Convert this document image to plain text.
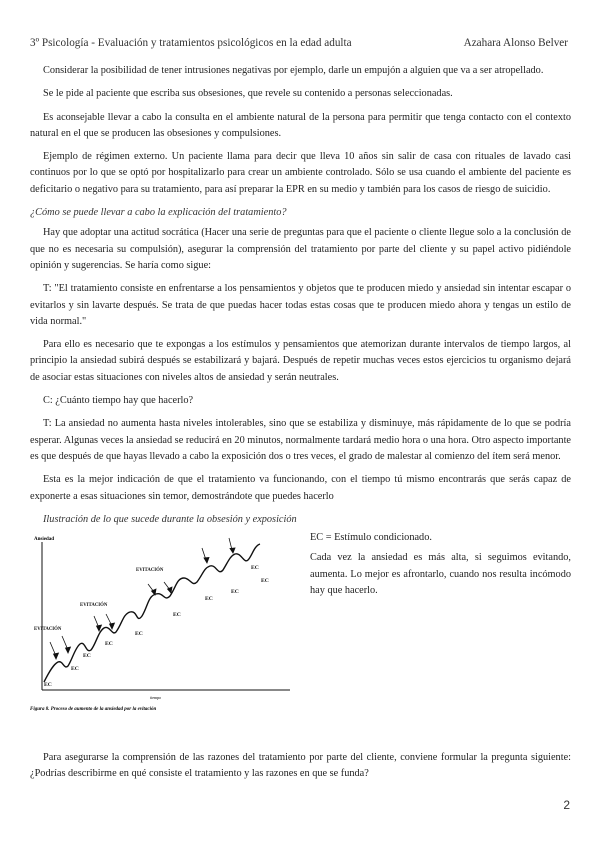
3º Psicología - Evaluación y tratamientos psicológicos en la edad adulta	Azahara Alonso Belver

Considerar la posibilidad de tener intrusiones negativas por ejemplo, darle un empujón a alguien que va a ser atropellado.

Se le pide al paciente que escriba sus obsesiones, que revele su contenido a personas seleccionadas.

Es aconsejable llevar a cabo la consulta en el ambiente natural de la persona para permitir que tenga contacto con el contexto natural en el que se producen las obsesiones y compulsiones.

Ejemplo de régimen externo. Un paciente llama para decir que lleva 10 años sin salir de casa con rituales de lavado casi continuos por lo que se optó por hospitalizarlo para crear un ambiente controlado. Sólo se usa cuando el ambiente del paciente es deficitario o negativo para su tratamiento, para así preparar la EPR en su medio y también para los casos de riesgo de suicidio.

¿Cómo se puede llevar a cabo la explicación del tratamiento?

Hay que adoptar una actitud socrática (Hacer una serie de preguntas para que el paciente o cliente llegue solo a la conclusión de que no es necesaria su compulsión), asegurar la comprensión del tratamiento por parte del cliente y su papel activo pidiéndole opinión y sugerencias. Se haría como sigue:

T: "El tratamiento consiste en enfrentarse a los pensamientos y objetos que te producen miedo y ansiedad sin intentar escapar o evitarlos y sin lavarte después. Se trata de que puedas hacer todas estas cosas que te producen miedo ahora y tengas un estilo de vida normal."

Para ello es necesario que te expongas a los estímulos y pensamientos que atemorizan durante intervalos de tiempo largos, al principio la ansiedad subirá después se estabilizará y bajará. Después de repetir muchas veces estos ejercicios tu organismo dejará de asociar estas situaciones con niveles altos de ansiedad y serán neutrales.

C: ¿Cuánto tiempo hay que hacerlo?

T: La ansiedad no aumenta hasta niveles intolerables, sino que se estabiliza y disminuye, más rápidamente de lo que se podría esperar. Algunas veces la ansiedad se reducirá en 20 minutos, normalmente tardará medio hora o una hora. Otro aspecto importante es que después de que hayas llevado a cabo la exposición dos o tres veces, el grado de malestar al comienzo del ítem será menor.

Esta es la mejor indicación de que el tratamiento va funcionando, con el tiempo tú mismo encontrarás que serás capaz de exponerte a esas situaciones sin temor, demostrándote que puedes hacerlo

Ilustración de lo que sucede durante la obsesión y exposición

Ansiedad
tiempo
EC
EC
EC
EC
EC
EC
EC
EC
EC
EC
EVITACIÓN
EVITACIÓN
EVITACIÓN
Figura 8. Proceso de aumento de la ansiedad por la evitación

EC = Estímulo condicionado.

Cada vez la ansiedad es más alta, si seguimos evitando, aumenta. Lo mejor es afrontarlo, cuando nos resulta incómodo hay que hacerlo.

Para asegurarse la comprensión de las razones del tratamiento por parte del cliente, conviene formular la pregunta siguiente: ¿Podrías describirme en qué consiste el tratamiento y las razones en que se funda?

2
